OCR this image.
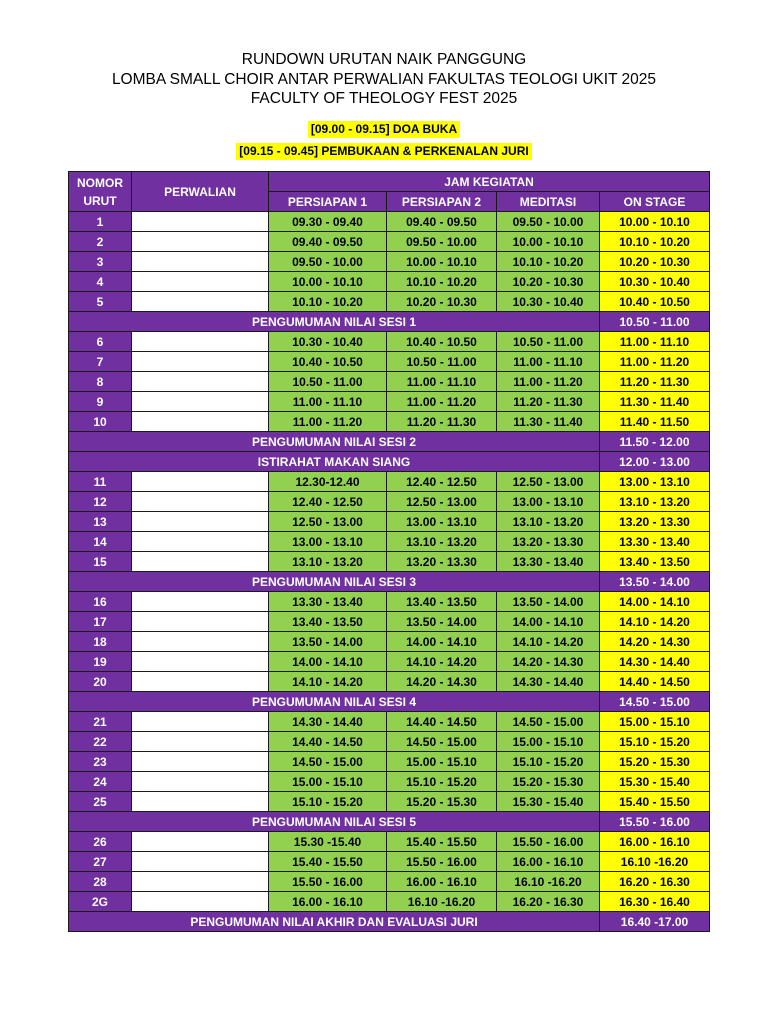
RUNDOWN URUTAN NAIK PANGGUNG
LOMBA SMALL CHOIR ANTAR PERWALIAN FAKULTAS TEOLOGI UKIT 2025
FACULTY OF THEOLOGY FEST 2025
[09.00 - 09.15] DOA BUKA
[09.15 - 09.45] PEMBUKAAN & PERKENALAN JURI
NOMOR
URUT	PERWALIAN	JAM KEGIATAN			
		PERSIAPAN 1	PERSIAPAN 2	MEDITASI	ON STAGE
1		09.30 - 09.40	09.40 - 09.50	09.50 - 10.00	10.00 - 10.10
2		09.40 - 09.50	09.50 - 10.00	10.00 - 10.10	10.10 - 10.20
3		09.50 - 10.00	10.00 - 10.10	10.10 - 10.20	10.20 - 10.30
4		10.00 - 10.10	10.10 - 10.20	10.20 - 10.30	10.30 - 10.40
5		10.10 - 10.20	10.20 - 10.30	10.30 - 10.40	10.40 - 10.50
PENGUMUMAN NILAI SESI 1					10.50 - 11.00
6		10.30 - 10.40	10.40 - 10.50	10.50 - 11.00	11.00 - 11.10
7		10.40 - 10.50	10.50 - 11.00	11.00 - 11.10	11.00 - 11.20
8		10.50 - 11.00	11.00 - 11.10	11.00 - 11.20	11.20 - 11.30
9		11.00 - 11.10	11.00 - 11.20	11.20 - 11.30	11.30 - 11.40
10		11.00 - 11.20	11.20 - 11.30	11.30 - 11.40	11.40 - 11.50
PENGUMUMAN NILAI SESI 2					11.50 - 12.00
ISTIRAHAT MAKAN SIANG					12.00 - 13.00
11		12.30-12.40	12.40 - 12.50	12.50 - 13.00	13.00 - 13.10
12		12.40 - 12.50	12.50 - 13.00	13.00 - 13.10	13.10 - 13.20
13		12.50 - 13.00	13.00 - 13.10	13.10 - 13.20	13.20 - 13.30
14		13.00 - 13.10	13.10 - 13.20	13.20 - 13.30	13.30 - 13.40
15		13.10 - 13.20	13.20 - 13.30	13.30 - 13.40	13.40 - 13.50
PENGUMUMAN NILAI SESI 3					13.50 - 14.00
16		13.30 - 13.40	13.40 - 13.50	13.50 - 14.00	14.00 - 14.10
17		13.40 - 13.50	13.50 - 14.00	14.00 - 14.10	14.10 - 14.20
18		13.50 - 14.00	14.00 - 14.10	14.10 - 14.20	14.20 - 14.30
19		14.00 - 14.10	14.10 - 14.20	14.20 - 14.30	14.30 - 14.40
20		14.10 - 14.20	14.20 - 14.30	14.30 - 14.40	14.40 - 14.50
PENGUMUMAN NILAI SESI 4					14.50 - 15.00
21		14.30 - 14.40	14.40 - 14.50	14.50 - 15.00	15.00 - 15.10
22		14.40 - 14.50	14.50 - 15.00	15.00 - 15.10	15.10 - 15.20
23		14.50 - 15.00	15.00 - 15.10	15.10 - 15.20	15.20 - 15.30
24		15.00 - 15.10	15.10 - 15.20	15.20 - 15.30	15.30 - 15.40
25		15.10 - 15.20	15.20 - 15.30	15.30 - 15.40	15.40 - 15.50
PENGUMUMAN NILAI SESI 5					15.50 - 16.00
26		15.30 -15.40	15.40 - 15.50	15.50 - 16.00	16.00 - 16.10
27		15.40 - 15.50	15.50 - 16.00	16.00 - 16.10	16.10 -16.20
28		15.50 - 16.00	16.00 - 16.10	16.10 -16.20	16.20 - 16.30
2G		16.00 - 16.10	16.10 -16.20	16.20 - 16.30	16.30 - 16.40
PENGUMUMAN NILAI AKHIR DAN EVALUASI JURI					16.40 -17.00
